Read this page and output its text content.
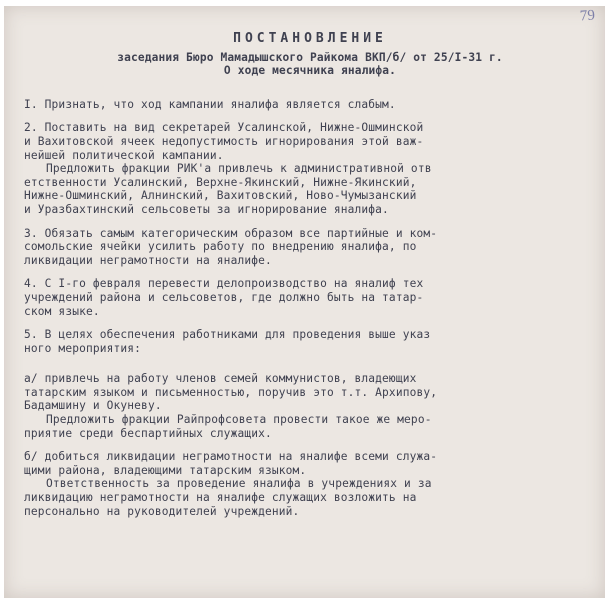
79
ПОСТАНОВЛЕНИЕ
заседания Бюро Мамадышского Райкома ВКП/б/ от 25/I-31 г.
О ходе месячника яналифа.
I. Признать, что ход кампании яналифа является слабым.
2. Поставить на вид секретарей Усалинской, Нижне-Ошминской
и Вахитовской ячеек недопустимость игнорирования этой важ-
нейшей политической кампании.
Предложить фракции РИК'а привлечь к административной отв
етственности Усалинский, Верхне-Якинский, Нижне-Якинский,
Нижне-Ошминский, Алнинский, Вахитовский, Ново-Чумызанский
и Уразбахтинский сельсоветы за игнорирование яналифа.
3. Обязать самым категорическим образом все партийные и ком-
сомольские ячейки усилить работу по внедрению яналифа, по
ликвидации неграмотности на яналифе.
4. С I-го февраля перевести делопроизводство на яналиф тех
учреждений района и сельсоветов, где должно быть на татар-
ском языке.
5. В целях обеспечения работниками для проведения выше указ
ного мероприятия:
а/ привлечь на работу членов семей коммунистов, владеющих
татарским языком и письменностью, поручив это т.т. Архипову,
Бадамшину и Окуневу.
Предложить фракции Райпрофсовета провести такое же меро-
приятие среди беспартийных служащих.
б/ добиться ликвидации неграмотности на яналифе всеми служа-
щими района, владеющими татарским языком.
Ответственность за проведение яналифа в учреждениях и за
ликвидацию неграмотности на яналифе служащих возложить на
персонально на руководителей учреждений.
